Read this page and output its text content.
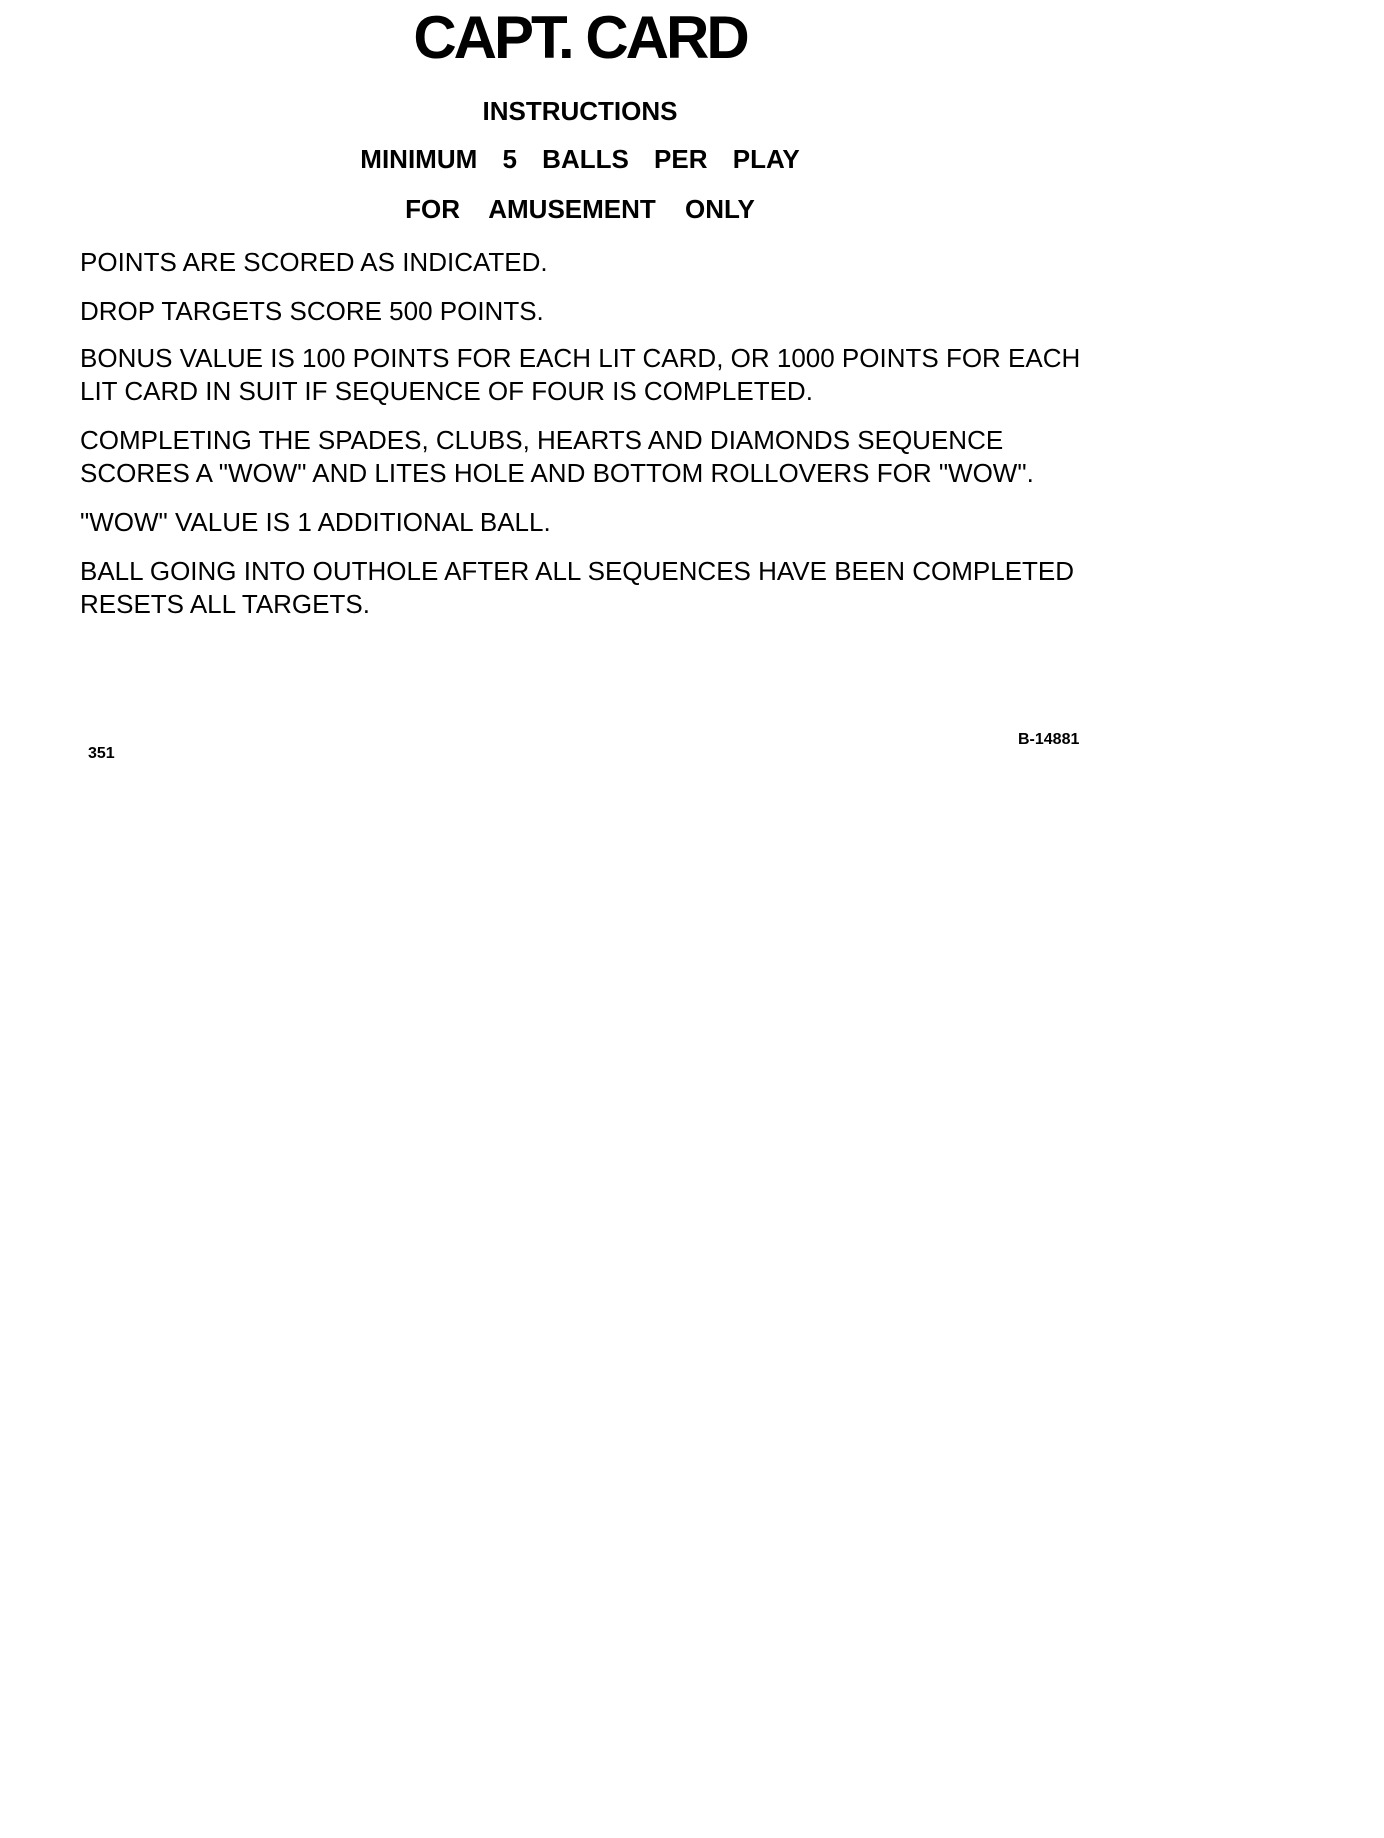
CAPT. CARD
INSTRUCTIONS
MINIMUM 5 BALLS PER PLAY
FOR AMUSEMENT ONLY
POINTS ARE SCORED AS INDICATED.
DROP TARGETS SCORE 500 POINTS.
BONUS VALUE IS 100 POINTS FOR EACH LIT CARD, OR 1000 POINTS FOR EACH LIT CARD IN SUIT IF SEQUENCE OF FOUR IS COMPLETED.
COMPLETING THE SPADES, CLUBS, HEARTS AND DIAMONDS SEQUENCE SCORES A "WOW" AND LITES HOLE AND BOTTOM ROLLOVERS FOR "WOW".
"WOW" VALUE IS 1 ADDITIONAL BALL.
BALL GOING INTO OUTHOLE AFTER ALL SEQUENCES HAVE BEEN COMPLETED RESETS ALL TARGETS.
351
B-14881
